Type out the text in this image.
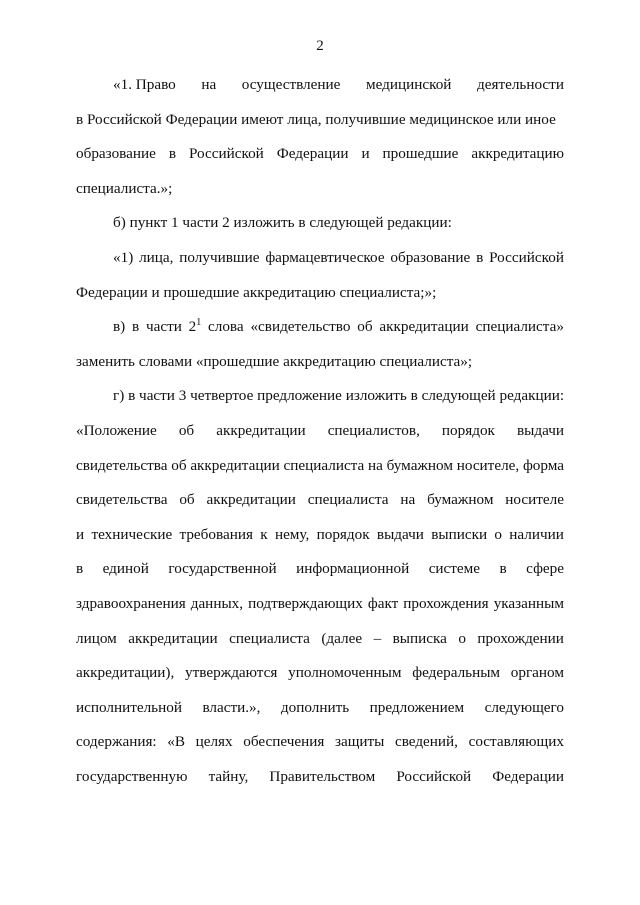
2
«1. Право на осуществление медицинской деятельности
в Российской Федерации имеют лица, получившие медицинское или иное
образование в Российской Федерации и прошедшие аккредитацию
специалиста.»;
б) пункт 1 части 2 изложить в следующей редакции:
«1) лица, получившие фармацевтическое образование в Российской
Федерации и прошедшие аккредитацию специалиста;»;
в) в части $2^1$ слова «свидетельство об аккредитации специалиста»
заменить словами «прошедшие аккредитацию специалиста»;
г) в части 3 четвертое предложение изложить в следующей редакции:
«Положение об аккредитации специалистов, порядок выдачи
свидетельства об аккредитации специалиста на бумажном носителе, форма
свидетельства об аккредитации специалиста на бумажном носителе
и технические требования к нему, порядок выдачи выписки о наличии
в единой государственной информационной системе в сфере
здравоохранения данных, подтверждающих факт прохождения указанным
лицом аккредитации специалиста (далее – выписка о прохождении
аккредитации), утверждаются уполномоченным федеральным органом
исполнительной власти.», дополнить предложением следующего
содержания: «В целях обеспечения защиты сведений, составляющих
государственную тайну, Правительством Российской Федерации
